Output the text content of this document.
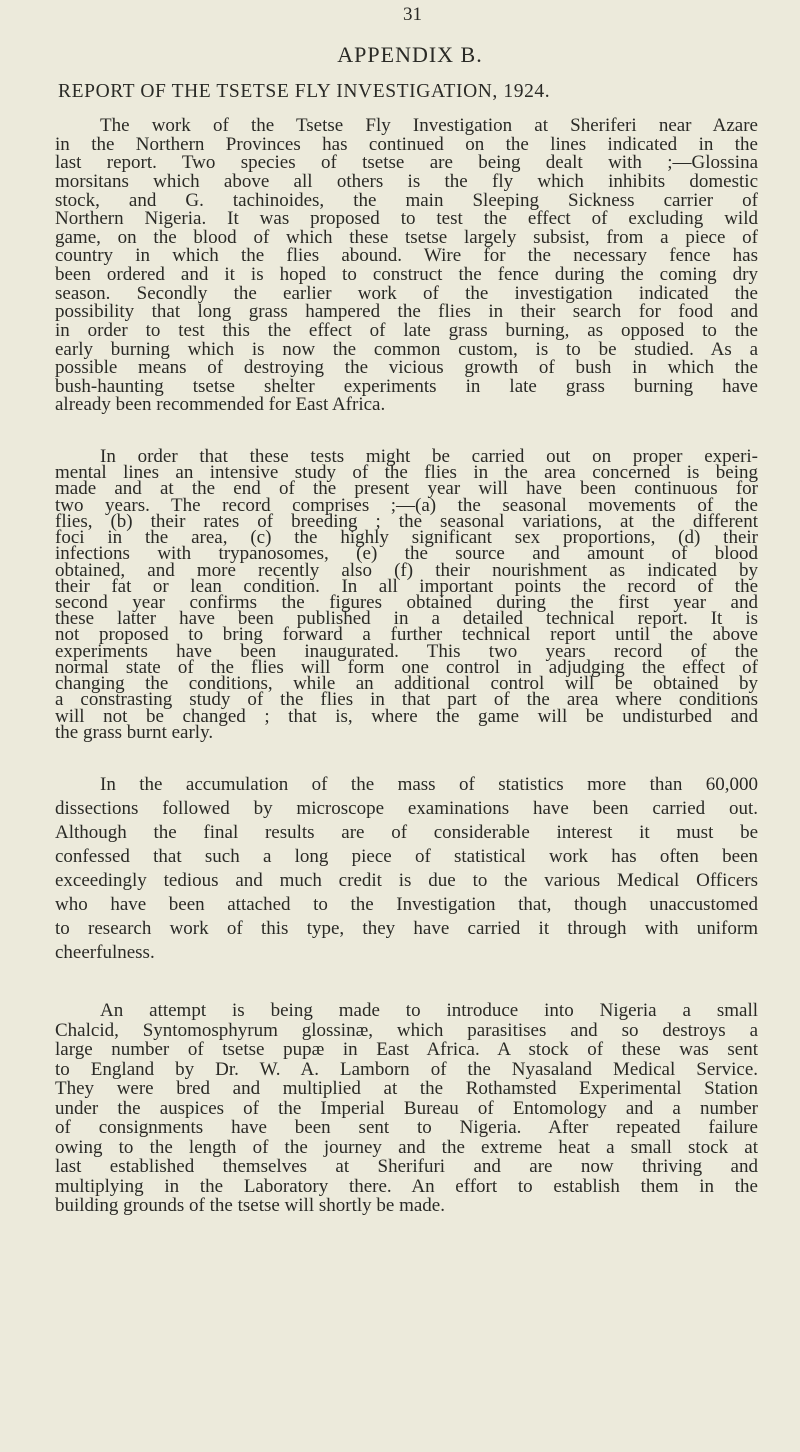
31
APPENDIX B.
REPORT OF THE TSETSE FLY INVESTIGATION, 1924.
The work of the Tsetse Fly Investigation at Sheriferi near Azare
in the Northern Provinces has continued on the lines indicated in the
last report. Two species of tsetse are being dealt with ;—Glossina
morsitans which above all others is the fly which inhibits domestic
stock, and G. tachinoides, the main Sleeping Sickness carrier of
Northern Nigeria. It was proposed to test the effect of excluding wild
game, on the blood of which these tsetse largely subsist, from a piece of
country in which the flies abound. Wire for the necessary fence has
been ordered and it is hoped to construct the fence during the coming dry
season. Secondly the earlier work of the investigation indicated the
possibility that long grass hampered the flies in their search for food and
in order to test this the effect of late grass burning, as opposed to the
early burning which is now the common custom, is to be studied. As a
possible means of destroying the vicious growth of bush in which the
bush-haunting tsetse shelter experiments in late grass burning have
already been recommended for East Africa.
In order that these tests might be carried out on proper experi-
mental lines an intensive study of the flies in the area concerned is being
made and at the end of the present year will have been continuous for
two years. The record comprises ;—(a) the seasonal movements of the
flies, (b) their rates of breeding ; the seasonal variations, at the different
foci in the area, (c) the highly significant sex proportions, (d) their
infections with trypanosomes, (e) the source and amount of blood
obtained, and more recently also (f) their nourishment as indicated by
their fat or lean condition. In all important points the record of the
second year confirms the figures obtained during the first year and
these latter have been published in a detailed technical report. It is
not proposed to bring forward a further technical report until the above
experiments have been inaugurated. This two years record of the
normal state of the flies will form one control in adjudging the effect of
changing the conditions, while an additional control will be obtained by
a constrasting study of the flies in that part of the area where conditions
will not be changed ; that is, where the game will be undisturbed and
the grass burnt early.
In the accumulation of the mass of statistics more than 60,000
dissections followed by microscope examinations have been carried out.
Although the final results are of considerable interest it must be
confessed that such a long piece of statistical work has often been
exceedingly tedious and much credit is due to the various Medical Officers
who have been attached to the Investigation that, though unaccustomed
to research work of this type, they have carried it through with uniform
cheerfulness.
An attempt is being made to introduce into Nigeria a small
Chalcid, Syntomosphyrum glossinæ, which parasitises and so destroys a
large number of tsetse pupæ in East Africa. A stock of these was sent
to England by Dr. W. A. Lamborn of the Nyasaland Medical Service.
They were bred and multiplied at the Rothamsted Experimental Station
under the auspices of the Imperial Bureau of Entomology and a number
of consignments have been sent to Nigeria. After repeated failure
owing to the length of the journey and the extreme heat a small stock at
last established themselves at Sherifuri and are now thriving and
multiplying in the Laboratory there. An effort to establish them in the
building grounds of the tsetse will shortly be made.
